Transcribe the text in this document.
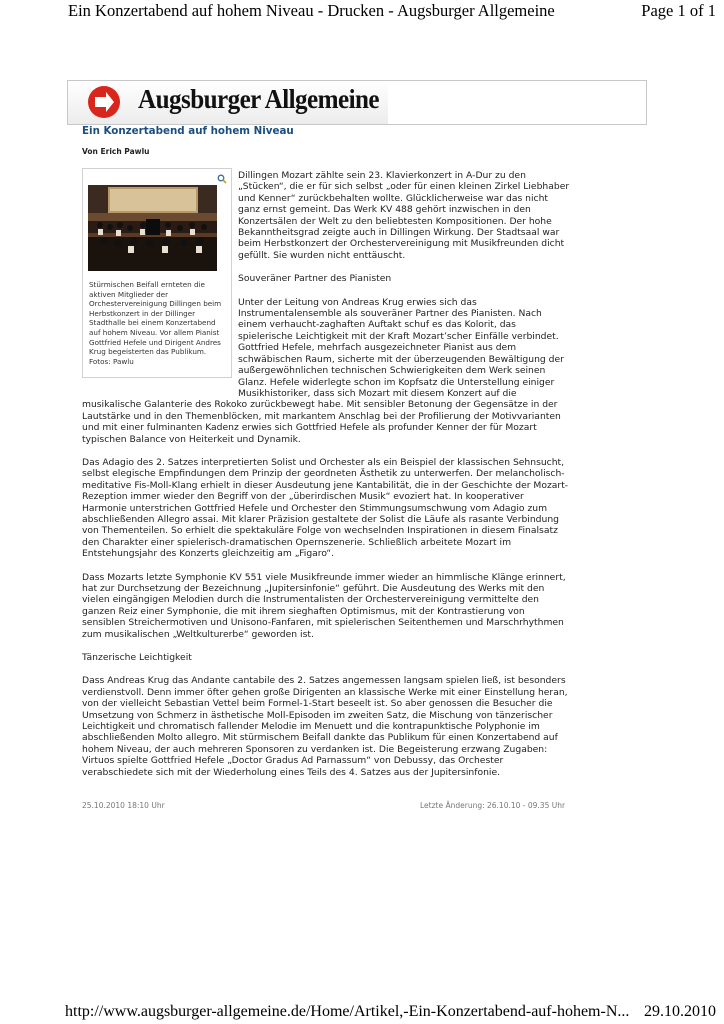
Ein Konzertabend auf hohem Niveau - Drucken - Augsburger Allgemeine	Page 1 of 1
Augsburger Allgemeine
Ein Konzertabend auf hohem Niveau
Von Erich Pawlu
Stürmischen Beifall ernteten die aktiven Mitglieder der Orchestervereinigung Dillingen beim Herbstkonzert in der Dillinger Stadthalle bei einem Konzertabend auf hohem Niveau. Vor allem Pianist Gottfried Hefele und Dirigent Andres Krug begeisterten das Publikum. Fotos: Pawlu

Dillingen Mozart zählte sein 23. Klavierkonzert in A-Dur zu den „Stücken“, die er für sich selbst „oder für einen kleinen Zirkel Liebhaber und Kenner“ zurückbehalten wollte. Glücklicherweise war das nicht ganz ernst gemeint. Das Werk KV 488 gehört inzwischen in den Konzertsälen der Welt zu den beliebtesten Kompositionen. Der hohe Bekanntheitsgrad zeigte auch in Dillingen Wirkung. Der Stadtsaal war beim Herbstkonzert der Orchestervereinigung mit Musikfreunden dicht gefüllt. Sie wurden nicht enttäuscht.

Souveräner Partner des Pianisten

Unter der Leitung von Andreas Krug erwies sich das Instrumentalensemble als souveräner Partner des Pianisten. Nach einem verhaucht-zaghaften Auftakt schuf es das Kolorit, das spielerische Leichtigkeit mit der Kraft Mozart’scher Einfälle verbindet. Gottfried Hefele, mehrfach ausgezeichneter Pianist aus dem schwäbischen Raum, sicherte mit der überzeugenden Bewältigung der außergewöhnlichen technischen Schwierigkeiten dem Werk seinen Glanz. Hefele widerlegte schon im Kopfsatz die Unterstellung einiger Musikhistoriker, dass sich Mozart mit diesem Konzert auf die musikalische Galanterie des Rokoko zurückbewegt habe. Mit sensibler Betonung der Gegensätze in der Lautstärke und in den Themenblöcken, mit markantem Anschlag bei der Profilierung der Motivvarianten und mit einer fulminanten Kadenz erwies sich Gottfried Hefele als profunder Kenner der für Mozart typischen Balance von Heiterkeit und Dynamik.

Das Adagio des 2. Satzes interpretierten Solist und Orchester als ein Beispiel der klassischen Sehnsucht, selbst elegische Empfindungen dem Prinzip der geordneten Ästhetik zu unterwerfen. Der melancholisch-meditative Fis-Moll-Klang erhielt in dieser Ausdeutung jene Kantabilität, die in der Geschichte der Mozart-Rezeption immer wieder den Begriff von der „überirdischen Musik“ evoziert hat. In kooperativer Harmonie unterstrichen Gottfried Hefele und Orchester den Stimmungsumschwung vom Adagio zum abschließenden Allegro assai. Mit klarer Präzision gestaltete der Solist die Läufe als rasante Verbindung von Thementeilen. So erhielt die spektakuläre Folge von wechselnden Inspirationen in diesem Finalsatz den Charakter einer spielerisch-dramatischen Opernszenerie. Schließlich arbeitete Mozart im Entstehungsjahr des Konzerts gleichzeitig am „Figaro“.

Dass Mozarts letzte Symphonie KV 551 viele Musikfreunde immer wieder an himmlische Klänge erinnert, hat zur Durchsetzung der Bezeichnung „Jupitersinfonie“ geführt. Die Ausdeutung des Werks mit den vielen eingängigen Melodien durch die Instrumentalisten der Orchestervereinigung vermittelte den ganzen Reiz einer Symphonie, die mit ihrem sieghaften Optimismus, mit der Kontrastierung von sensiblen Streichermotiven und Unisono-Fanfaren, mit spielerischen Seitenthemen und Marschrhythmen zum musikalischen „Weltkulturerbe“ geworden ist.

Tänzerische Leichtigkeit

Dass Andreas Krug das Andante cantabile des 2. Satzes angemessen langsam spielen ließ, ist besonders verdienstvoll. Denn immer öfter gehen große Dirigenten an klassische Werke mit einer Einstellung heran, von der vielleicht Sebastian Vettel beim Formel-1-Start beseelt ist. So aber genossen die Besucher die Umsetzung von Schmerz in ästhetische Moll-Episoden im zweiten Satz, die Mischung von tänzerischer Leichtigkeit und chromatisch fallender Melodie im Menuett und die kontrapunktische Polyphonie im abschließenden Molto allegro. Mit stürmischem Beifall dankte das Publikum für einen Konzertabend auf hohem Niveau, der auch mehreren Sponsoren zu verdanken ist. Die Begeisterung erzwang Zugaben: Virtuos spielte Gottfried Hefele „Doctor Gradus Ad Parnassum“ von Debussy, das Orchester verabschiedete sich mit der Wiederholung eines Teils des 4. Satzes aus der Jupitersinfonie.

25.10.2010 18:10 Uhr	Letzte Änderung: 26.10.10 - 09.35 Uhr
http://www.augsburger-allgemeine.de/Home/Artikel,-Ein-Konzertabend-auf-hohem-N... 29.10.2010
